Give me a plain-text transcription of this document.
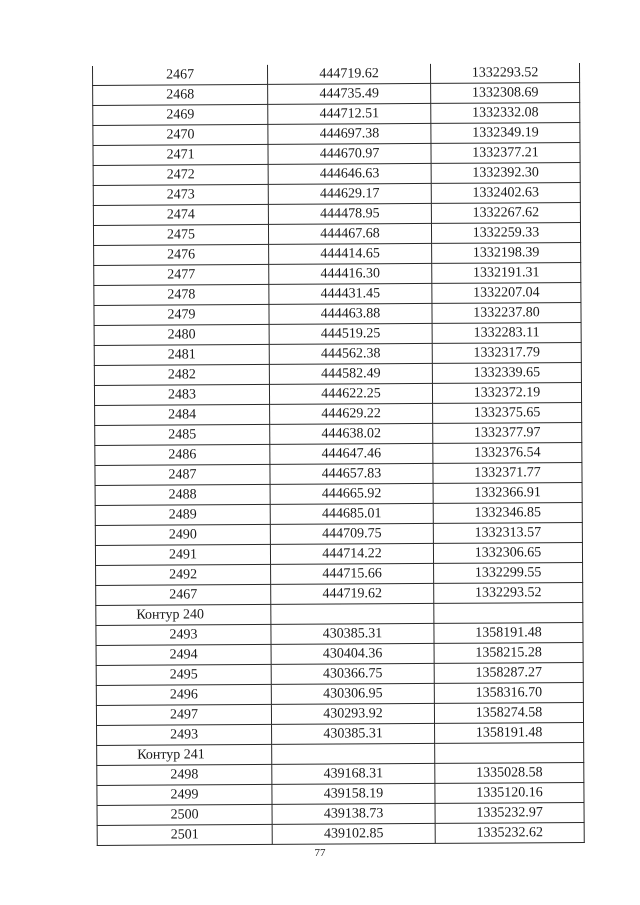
2467	444719.62	1332293.52
2468	444735.49	1332308.69
2469	444712.51	1332332.08
2470	444697.38	1332349.19
2471	444670.97	1332377.21
2472	444646.63	1332392.30
2473	444629.17	1332402.63
2474	444478.95	1332267.62
2475	444467.68	1332259.33
2476	444414.65	1332198.39
2477	444416.30	1332191.31
2478	444431.45	1332207.04
2479	444463.88	1332237.80
2480	444519.25	1332283.11
2481	444562.38	1332317.79
2482	444582.49	1332339.65
2483	444622.25	1332372.19
2484	444629.22	1332375.65
2485	444638.02	1332377.97
2486	444647.46	1332376.54
2487	444657.83	1332371.77
2488	444665.92	1332366.91
2489	444685.01	1332346.85
2490	444709.75	1332313.57
2491	444714.22	1332306.65
2492	444715.66	1332299.55
2467	444719.62	1332293.52
Контур 240		
2493	430385.31	1358191.48
2494	430404.36	1358215.28
2495	430366.75	1358287.27
2496	430306.95	1358316.70
2497	430293.92	1358274.58
2493	430385.31	1358191.48
Контур 241		
2498	439168.31	1335028.58
2499	439158.19	1335120.16
2500	439138.73	1335232.97
2501	439102.85	1335232.62
77
